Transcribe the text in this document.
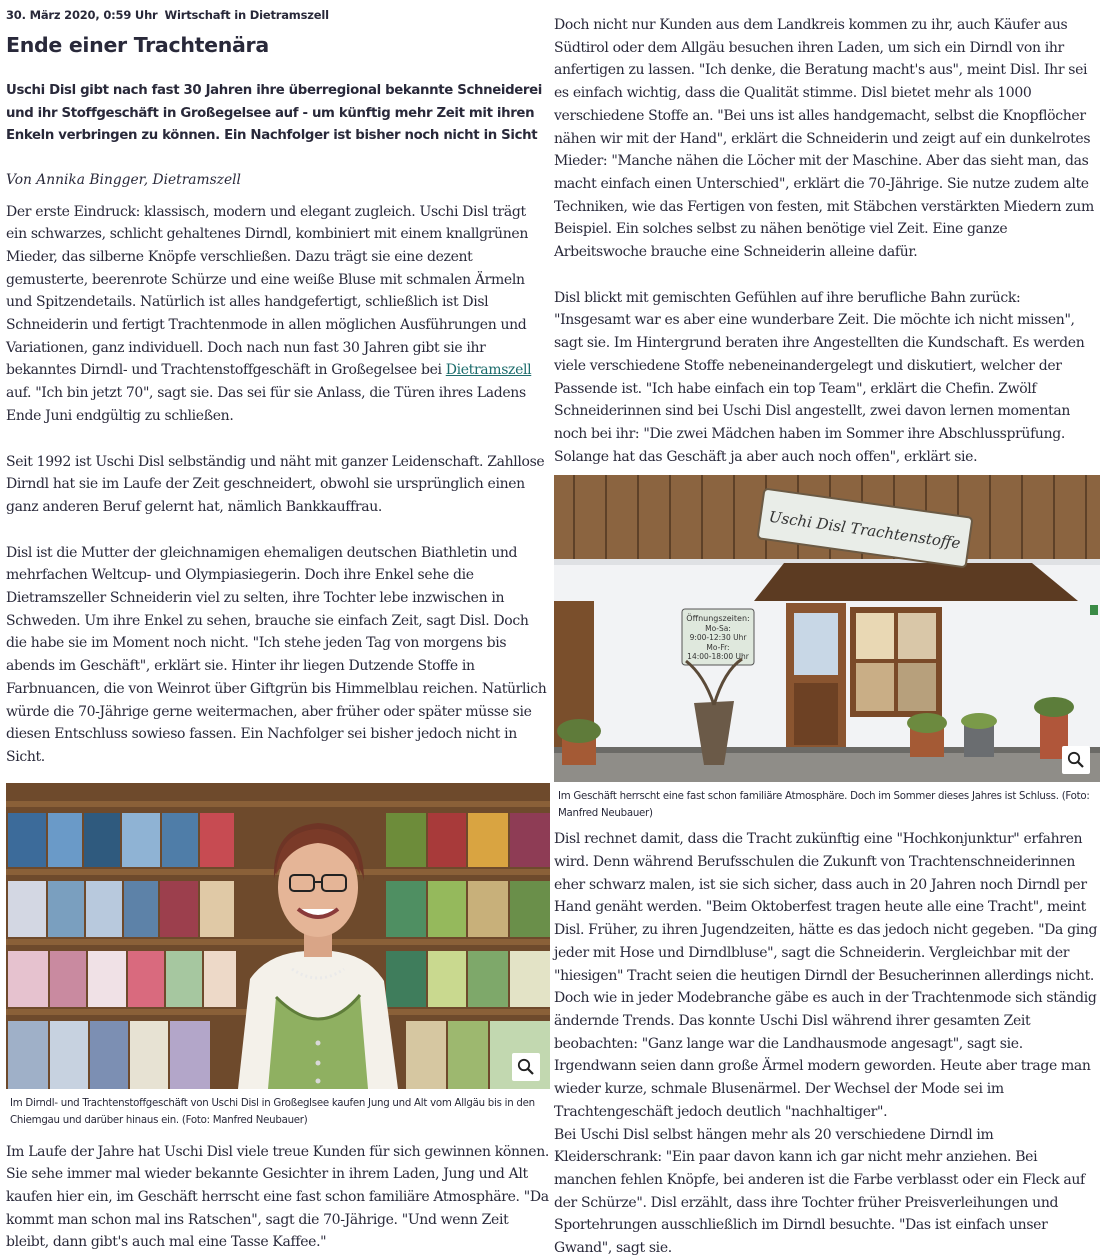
30. März 2020, 0:59 Uhr Wirtschaft in Dietramszell
Ende einer Trachtenära

Uschi Disl gibt nach fast 30 Jahren ihre überregional bekannte Schneiderei und ihr Stoffgeschäft in Großegelsee auf - um künftig mehr Zeit mit ihren Enkeln verbringen zu können. Ein Nachfolger ist bisher noch nicht in Sicht

Von Annika Bingger, Dietramszell

Der erste Eindruck: klassisch, modern und elegant zugleich. Uschi Disl trägt ein schwarzes, schlicht gehaltenes Dirndl, kombiniert mit einem knallgrünen Mieder, das silberne Knöpfe verschließen. Dazu trägt sie eine dezent gemusterte, beerenrote Schürze und eine weiße Bluse mit schmalen Ärmeln und Spitzendetails. Natürlich ist alles handgefertigt, schließlich ist Disl Schneiderin und fertigt Trachtenmode in allen möglichen Ausführungen und Variationen, ganz individuell. Doch nach nun fast 30 Jahren gibt sie ihr bekanntes Dirndl- und Trachtenstoffgeschäft in Großegelsee bei Dietramszell auf. "Ich bin jetzt 70", sagt sie. Das sei für sie Anlass, die Türen ihres Ladens Ende Juni endgültig zu schließen.

Seit 1992 ist Uschi Disl selbständig und näht mit ganzer Leidenschaft. Zahllose Dirndl hat sie im Laufe der Zeit geschneidert, obwohl sie ursprünglich einen ganz anderen Beruf gelernt hat, nämlich Bankkauffrau.

Disl ist die Mutter der gleichnamigen ehemaligen deutschen Biathletin und mehrfachen Weltcup- und Olympiasiegerin. Doch ihre Enkel sehe die Dietramszeller Schneiderin viel zu selten, ihre Tochter lebe inzwischen in Schweden. Um ihre Enkel zu sehen, brauche sie einfach Zeit, sagt Disl. Doch die habe sie im Moment noch nicht. "Ich stehe jeden Tag von morgens bis abends im Geschäft", erklärt sie. Hinter ihr liegen Dutzende Stoffe in Farbnuancen, die von Weinrot über Giftgrün bis Himmelblau reichen. Natürlich würde die 70-Jährige gerne weitermachen, aber früher oder später müsse sie diesen Entschluss sowieso fassen. Ein Nachfolger sei bisher jedoch nicht in Sicht.

Im Dirndl- und Trachtenstoffgeschäft von Uschi Disl in Großeglsee kaufen Jung und Alt vom Allgäu bis in den Chiemgau und darüber hinaus ein. (Foto: Manfred Neubauer)

Im Laufe der Jahre hat Uschi Disl viele treue Kunden für sich gewinnen können. Sie sehe immer mal wieder bekannte Gesichter in ihrem Laden, Jung und Alt kaufen hier ein, im Geschäft herrscht eine fast schon familiäre Atmosphäre. "Da kommt man schon mal ins Ratschen", sagt die 70-Jährige. "Und wenn Zeit bleibt, dann gibt's auch mal eine Tasse Kaffee."

Doch nicht nur Kunden aus dem Landkreis kommen zu ihr, auch Käufer aus Südtirol oder dem Allgäu besuchen ihren Laden, um sich ein Dirndl von ihr anfertigen zu lassen. "Ich denke, die Beratung macht's aus", meint Disl. Ihr sei es einfach wichtig, dass die Qualität stimme. Disl bietet mehr als 1000 verschiedene Stoffe an. "Bei uns ist alles handgemacht, selbst die Knopflöcher nähen wir mit der Hand", erklärt die Schneiderin und zeigt auf ein dunkelrotes Mieder: "Manche nähen die Löcher mit der Maschine. Aber das sieht man, das macht einfach einen Unterschied", erklärt die 70-Jährige. Sie nutze zudem alte Techniken, wie das Fertigen von festen, mit Stäbchen verstärkten Miedern zum Beispiel. Ein solches selbst zu nähen benötige viel Zeit. Eine ganze Arbeitswoche brauche eine Schneiderin alleine dafür.

Disl blickt mit gemischten Gefühlen auf ihre berufliche Bahn zurück: "Insgesamt war es aber eine wunderbare Zeit. Die möchte ich nicht missen", sagt sie. Im Hintergrund beraten ihre Angestellten die Kundschaft. Es werden viele verschiedene Stoffe nebeneinandergelegt und diskutiert, welcher der Passende ist. "Ich habe einfach ein top Team", erklärt die Chefin. Zwölf Schneiderinnen sind bei Uschi Disl angestellt, zwei davon lernen momentan noch bei ihr: "Die zwei Mädchen haben im Sommer ihre Abschlussprüfung. Solange hat das Geschäft ja aber auch noch offen", erklärt sie.

Uschi Disl Trachtenstoffe
Öffnungszeiten:
Mo-Sa:
9:00-12:30 Uhr
Mo-Fr:
14:00-18:00 Uhr

Im Geschäft herrscht eine fast schon familiäre Atmosphäre. Doch im Sommer dieses Jahres ist Schluss. (Foto: Manfred Neubauer)

Disl rechnet damit, dass die Tracht zukünftig eine "Hochkonjunktur" erfahren wird. Denn während Berufsschulen die Zukunft von Trachtenschneiderinnen eher schwarz malen, ist sie sich sicher, dass auch in 20 Jahren noch Dirndl per Hand genäht werden. "Beim Oktoberfest tragen heute alle eine Tracht", meint Disl. Früher, zu ihren Jugendzeiten, hätte es das jedoch nicht gegeben. "Da ging jeder mit Hose und Dirndlbluse", sagt die Schneiderin. Vergleichbar mit der "hiesigen" Tracht seien die heutigen Dirndl der Besucherinnen allerdings nicht. Doch wie in jeder Modebranche gäbe es auch in der Trachtenmode sich ständig ändernde Trends. Das konnte Uschi Disl während ihrer gesamten Zeit beobachten: "Ganz lange war die Landhausmode angesagt", sagt sie. Irgendwann seien dann große Ärmel modern geworden. Heute aber trage man wieder kurze, schmale Blusenärmel. Der Wechsel der Mode sei im Trachtengeschäft jedoch deutlich "nachhaltiger".

Bei Uschi Disl selbst hängen mehr als 20 verschiedene Dirndl im Kleiderschrank: "Ein paar davon kann ich gar nicht mehr anziehen. Bei manchen fehlen Knöpfe, bei anderen ist die Farbe verblasst oder ein Fleck auf der Schürze". Disl erzählt, dass ihre Tochter früher Preisverleihungen und Sportehrungen ausschließlich im Dirndl besuchte. "Das ist einfach unser Gwand", sagt sie.
